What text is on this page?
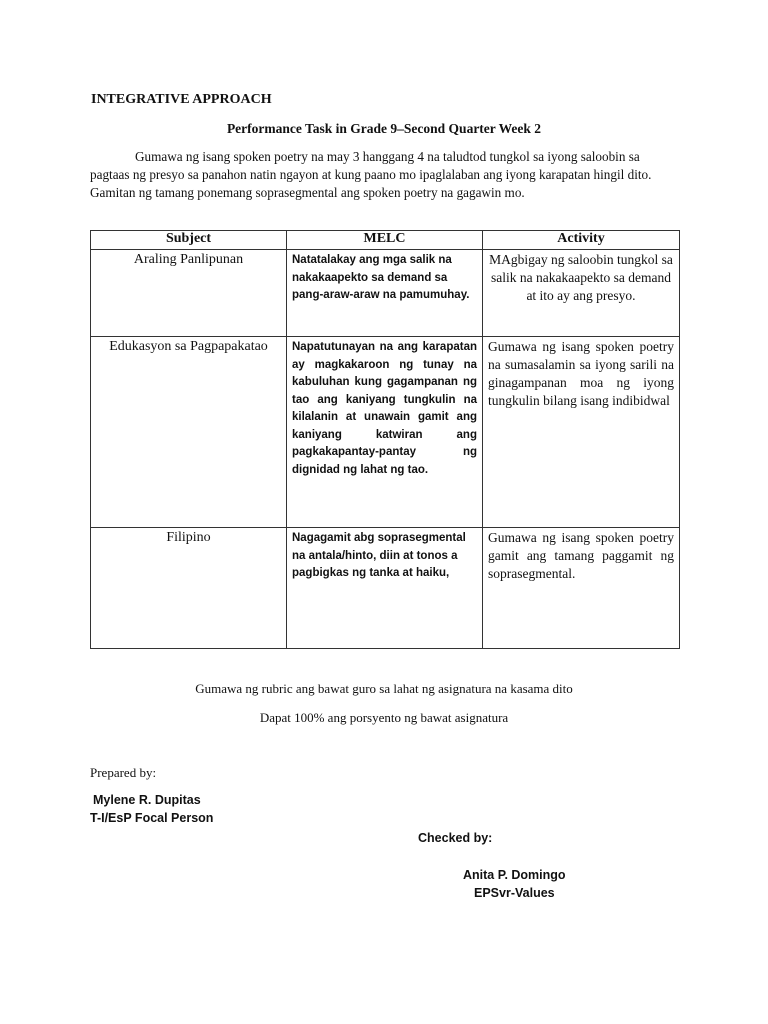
INTEGRATIVE APPROACH
Performance Task in Grade 9–Second Quarter Week 2

Gumawa ng isang spoken poetry na may 3 hanggang 4 na taludtod tungkol sa iyong saloobin sa pagtaas ng presyo sa panahon natin ngayon at kung paano mo ipaglalaban ang iyong karapatan hingil dito. Gamitan ng tamang ponemang soprasegmental ang spoken poetry na gagawin mo.

Subject	MELC	Activity
Araling Panlipunan	Natatalakay ang mga salik na nakakaapekto sa demand sa pang-araw-araw na pamumuhay.	MAgbigay ng saloobin tungkol sa salik na nakakaapekto sa demand at ito ay ang presyo.
Edukasyon sa Pagpapakatao	Napatutunayan na ang karapatan ay magkakaroon ng tunay na kabuluhan kung gagampanan ng tao ang kaniyang tungkulin na kilalanin at unawain gamit ang kaniyang katwiran ang pagkakapantay-pantay ng dignidad ng lahat ng tao.	Gumawa ng isang spoken poetry na sumasalamin sa iyong sarili na ginagampanan moa ng iyong tungkulin bilang isang indibidwal
Filipino	Nagagamit abg soprasegmental na antala/hinto, diin at tonos a pagbigkas ng tanka at haiku,	Gumawa ng isang spoken poetry gamit ang tamang paggamit ng soprasegmental.
Gumawa ng rubric ang bawat guro sa lahat ng asignatura na kasama dito
Dapat 100% ang porsyento ng bawat asignatura
Prepared by:
Mylene R. Dupitas
T-I/EsP Focal Person
Checked by:
Anita P. Domingo
EPSvr-Values
